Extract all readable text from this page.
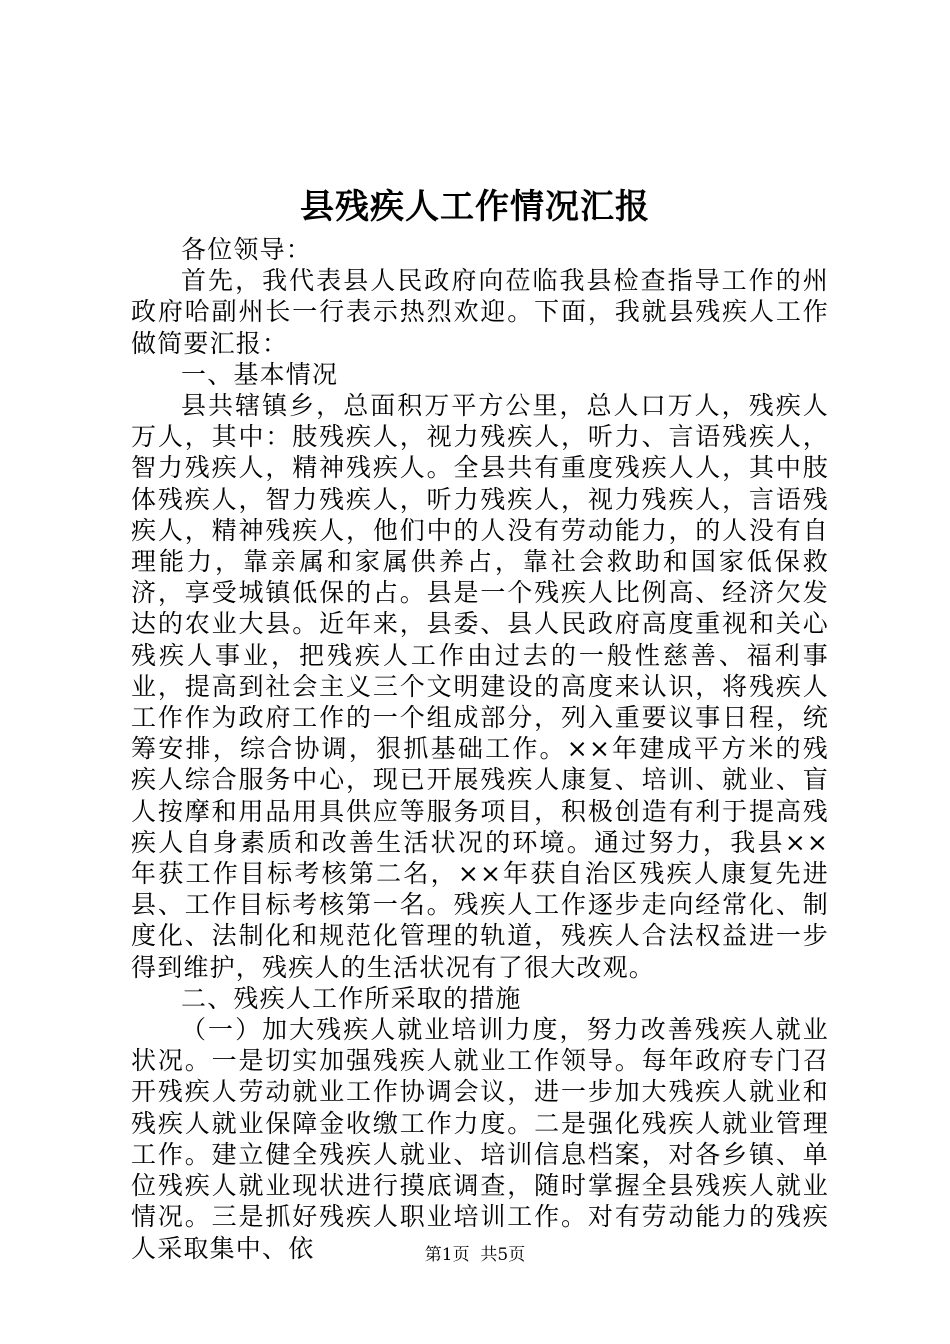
县残疾人工作情况汇报

各位领导：

首先，我代表县人民政府向莅临我县检查指导工作的州政府哈副州长一行表示热烈欢迎。下面，我就县残疾人工作做简要汇报：

一、基本情况

县共辖镇乡，总面积万平方公里，总人口万人，残疾人万人，其中：肢残疾人，视力残疾人，听力、言语残疾人，智力残疾人，精神残疾人。全县共有重度残疾人人，其中肢体残疾人，智力残疾人，听力残疾人，视力残疾人，言语残疾人，精神残疾人，他们中的人没有劳动能力，的人没有自理能力，靠亲属和家属供养占，靠社会救助和国家低保救济，享受城镇低保的占。县是一个残疾人比例高、经济欠发达的农业大县。近年来，县委、县人民政府高度重视和关心残疾人事业，把残疾人工作由过去的一般性慈善、福利事业，提高到社会主义三个文明建设的高度来认识，将残疾人工作作为政府工作的一个组成部分，列入重要议事日程，统筹安排，综合协调，狠抓基础工作。××年建成平方米的残疾人综合服务中心，现已开展残疾人康复、培训、就业、盲人按摩和用品用具供应等服务项目，积极创造有利于提高残疾人自身素质和改善生活状况的环境。通过努力，我县××年获工作目标考核第二名，××年获自治区残疾人康复先进县、工作目标考核第一名。残疾人工作逐步走向经常化、制度化、法制化和规范化管理的轨道，残疾人合法权益进一步得到维护，残疾人的生活状况有了很大改观。

二、残疾人工作所采取的措施

（一）加大残疾人就业培训力度，努力改善残疾人就业状况。一是切实加强残疾人就业工作领导。每年政府专门召开残疾人劳动就业工作协调会议，进一步加大残疾人就业和残疾人就业保障金收缴工作力度。二是强化残疾人就业管理工作。建立健全残疾人就业、培训信息档案，对各乡镇、单位残疾人就业现状进行摸底调查，随时掌握全县残疾人就业情况。三是抓好残疾人职业培训工作。对有劳动能力的残疾人采取集中、依	第1页 共5页
